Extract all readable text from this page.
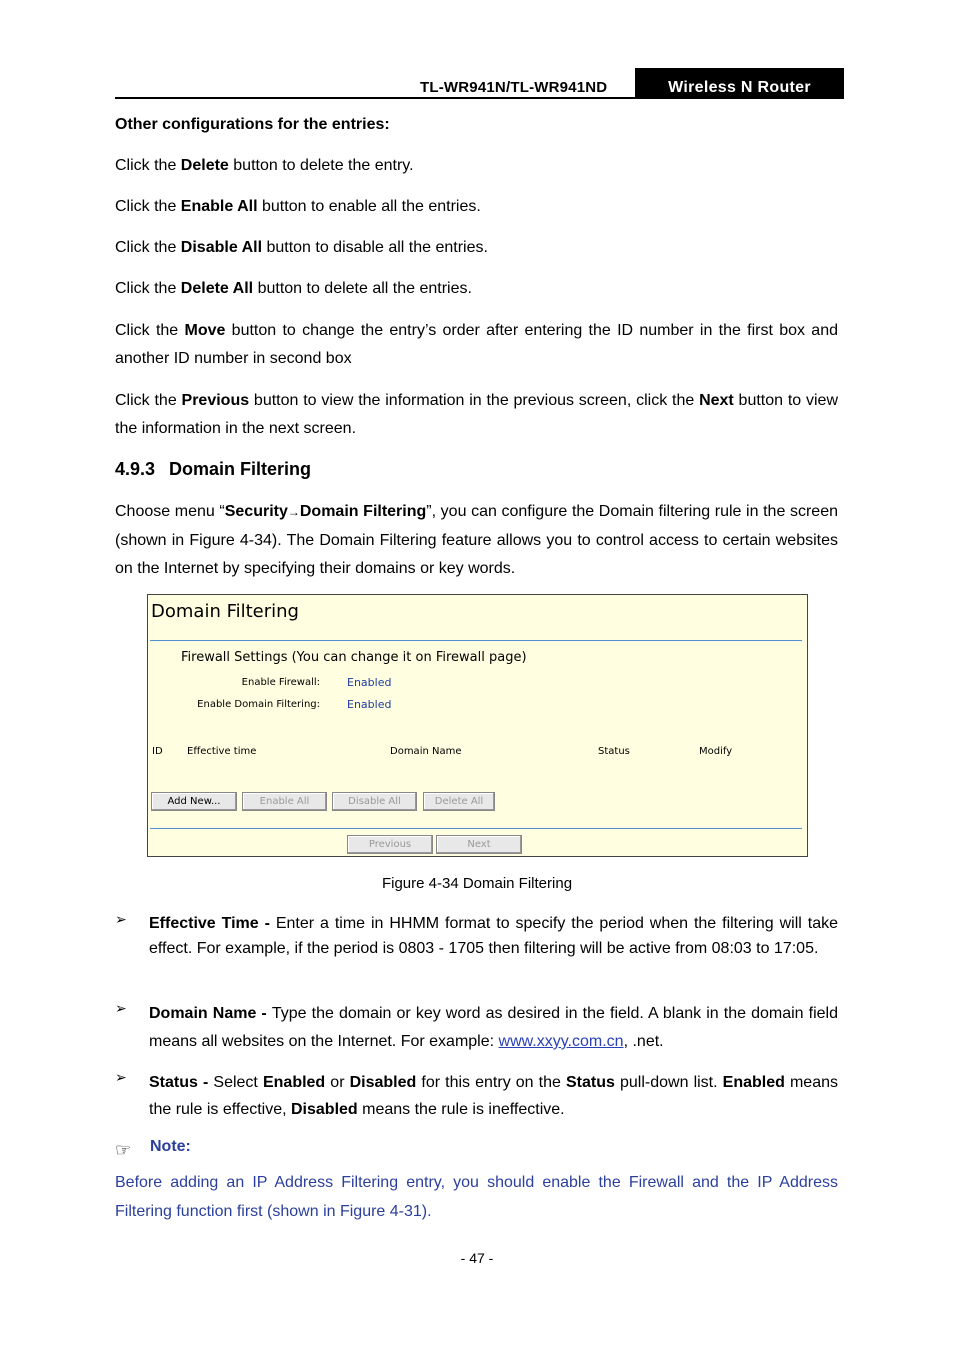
TL-WR941N/TL-WR941ND	Wireless N Router
Other configurations for the entries:
Click the Delete button to delete the entry.
Click the Enable All button to enable all the entries.
Click the Disable All button to disable all the entries.
Click the Delete All button to delete all the entries.
Click the Move button to change the entry’s order after entering the ID number in the first box and another ID number in second box
Click the Previous button to view the information in the previous screen, click the Next button to view the information in the next screen.
4.9.3 Domain Filtering
Choose menu “Security→Domain Filtering”, you can configure the Domain filtering rule in the screen (shown in Figure 4-34). The Domain Filtering feature allows you to control access to certain websites on the Internet by specifying their domains or key words.
Domain Filtering
Firewall Settings (You can change it on Firewall page)
Enable Firewall: Enabled
Enable Domain Filtering: Enabled
ID Effective time	Domain Name	Status	Modify
Add New...	Enable All	Disable All	Delete All
Previous	Next
Figure 4-34 Domain Filtering
➢ Effective Time - Enter a time in HHMM format to specify the period when the filtering will take effect. For example, if the period is 0803 - 1705 then filtering will be active from 08:03 to 17:05.
➢ Domain Name - Type the domain or key word as desired in the field. A blank in the domain field means all websites on the Internet. For example: www.xxyy.com.cn, .net.
➢ Status - Select Enabled or Disabled for this entry on the Status pull-down list. Enabled means the rule is effective, Disabled means the rule is ineffective.
☞ Note:
Before adding an IP Address Filtering entry, you should enable the Firewall and the IP Address Filtering function first (shown in Figure 4-31).
- 47 -
